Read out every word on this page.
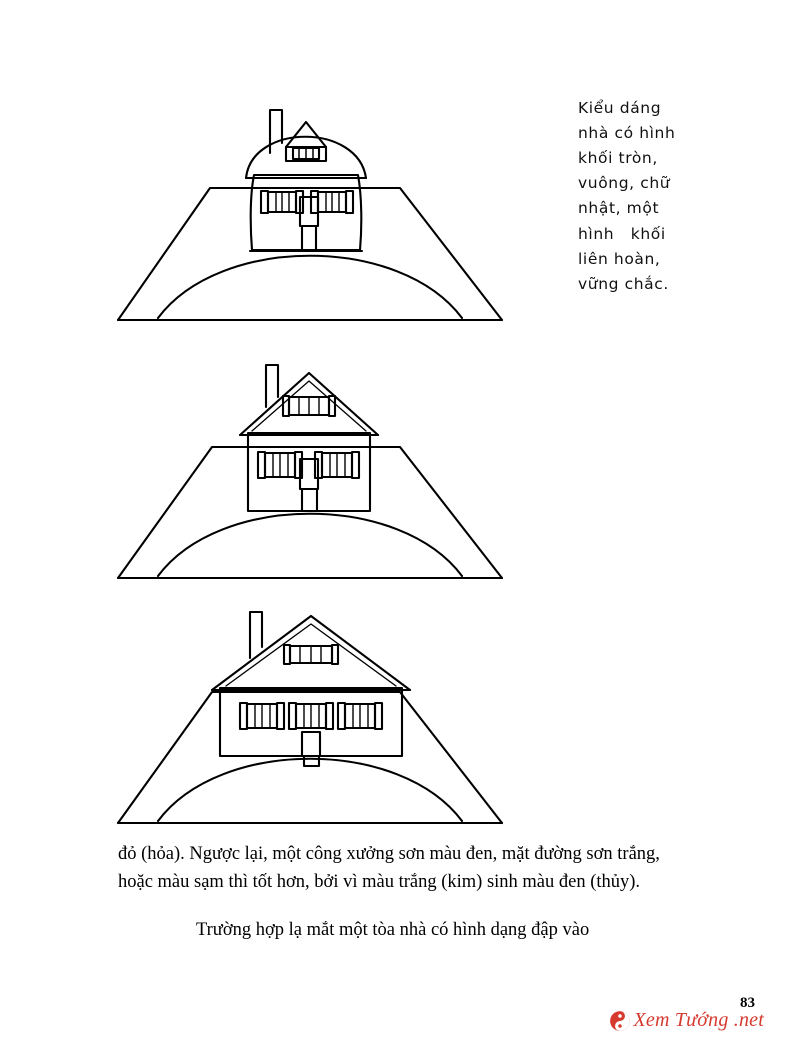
Kiểu dáng
nhà có hình
khối tròn,
vuông, chữ
nhật, một
hình   khối
liên hoàn,
vững chắc.

đỏ (hỏa). Ngược lại, một công xưởng sơn màu đen, mặt đường sơn trắng, hoặc màu sạm thì tốt hơn, bởi vì màu trắng (kim) sinh màu đen (thủy).

Trường hợp lạ mắt một tòa nhà có hình dạng đập vào

83
Xem Tướng .net
